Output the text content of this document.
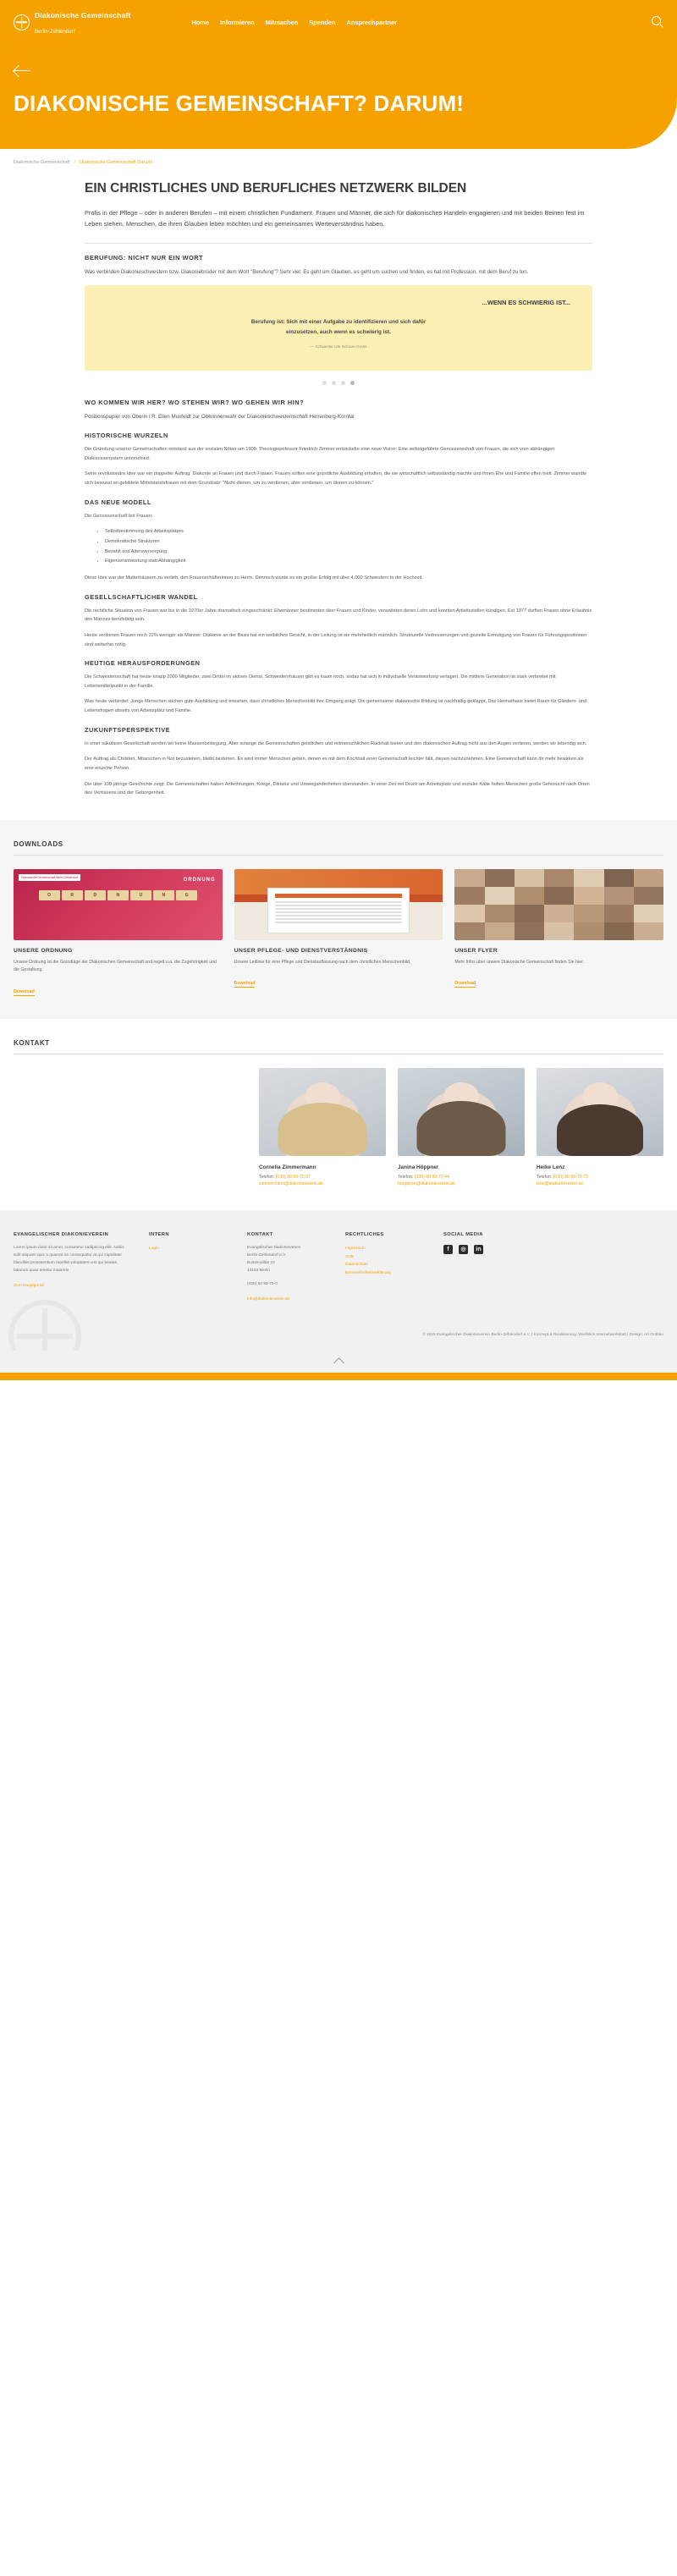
Diakonische Gemeinschaft
Berlin-Zehlendorf
Home Informieren Mitmachen Spenden Ansprechpartner
DIAKONISCHE GEMEINSCHAFT? DARUM!
Diakonische Gemeinschaft / Diakonische Gemeinschaft Darum!
EIN CHRISTLICHES UND BERUFLICHES NETZWERK BILDEN

Profis in der Pflege – oder in anderen Berufen – mit einem christlichen Fundament. Frauen und Männer, die sich für diakonisches Handeln engagieren und mit beiden Beinen fest im Leben stehen. Menschen, die ihren Glauben leben möchten und ein gemeinsames Werteverständnis haben.

BERUFUNG: NICHT NUR EIN WORT

Was verbinden Diakonieschwestern bzw. Diakoniebrüder mit dem Wort "Berufung"? Sehr viel: Es geht um Glauben, es geht um suchen und finden, es hat mit Profession, mit dem Beruf zu tun.

...WENN ES SCHWIERIG IST...
Berufung ist: Sich mit einer Aufgabe zu identifizieren und sich dafür einzusetzen, auch wenn es schwierig ist.
— Schwester Ute Schram-Grass
WO KOMMEN WIR HER? WO STEHEN WIR? WO GEHEN WIR HIN?

Positionspapier von Oberin i.R. Ellen Muxfeldt zur Oberinnenwahl der Diakonieschwesternschaft Herrenberg-Korntal

HISTORISCHE WURZELN

Die Gründung unserer Gemeinschaften entstand aus der sozialen Nöten um 1900. Theologiepofessor Friedrich Zimmer entwickelte eine neue Vision: Eine selbstgeführte Genossenschaft von Frauen, die sich vom abhängigen Diakonissenystem unterschied.

Seine revolutionäre Idee war ein doppelter Auftrag: Diakonie an Frauen und durch Frauen. Frauen sollten eine gründliche Ausbildung erhalten, die sie wirtschaftlich selbstständig machte und ihnen Ehe und Familie offen hielt. Zimmer wandte sich bewusst an gebildete Mittelstandsfrauen mit dem Grundsatz: "Nicht dienen, um zu verdienen, aber verdienen, um dienen zu können."

DAS NEUE MODELL

Die Genossenschaft bot Frauen:

• Selbstbestimmung des Arbeitsplatzes
• Demokratische Strukturen
• Bezahlt und Altersversorgung
• Eigenverantwortung statt Abhängigkeit

Diese Idee war der Mutterhäusern zu verlieh, den Frauenschäfterinnen zu Herrn. Dennoch wurde es ein großer Erfolg mit über 4.000 Schwestern in der Hochzeit.

GESELLSCHAFTLICHER WANDEL

Die rechtliche Situation von Frauen war bis in die 1970er Jahre dramatisch eingeschränkt: Ehemänner bestimmten über Frauen und Kinder, verwalteten deren Lohn und konnten Arbeitsstellen kündigen. Est 1977 durften Frauen ohne Erlaubnis des Mannes berufstätig sein.

Heute verdienen Frauen noch 22% weniger als Männer. Diakonie an der Basis hat ein weibliches Gesicht, in der Leitung ist sie mehrheitlich männlich. Strukturelle Verbesserungen und gezielte Ermutigung von Frauen für Führungspositionen sind weiterhin nötig.

HEUTIGE HERAUSFORDERUNGEN

Die Schwesternschaft hat heute knapp 2000 Mitglieder, zwei Drittel im aktiven Dienst. Schwesternhäuser gibt es kaum noch, sodas hat sich in individuelle Verantwortung verlagert. Die mittlere Generation ist stark verbreitet mit Lebensmittelpunkt in der Familie.

Was heute verbindet: Junge Menschen suchen gute Ausbildung und erwarten, dass christliches Menschenbild ihre Umgang prägt. Die gemeinsame diakonische Bildung ist nachhaltig geklappt. Das Heimathaus bietet Raum für Gliedern- und Lebensfragen abseits von Arbeitsplatz und Familie.

ZUKUNFTSPERSPEKTIVE

In einer säkularen Gesellschaft werden wir keine Massenbewegung. Aber solange die Gemeinschaften geistlichen und mitmenschlichen Rückhalt bieten und den diakonischen Auftrag nicht aus den Augen verlieren, werden wir lebendig sein.

Der Auftrag als Christen, Mitarschen in Not bezustehen, bleibt bestehen. Es wird immer Menschen geben, denen es mit dem Kochhalt einer Gemeinschaft leichter fällt, diesen nachzunehmen. Eine Gemeinschaft kann dir mehr bewirken als eine einzelne Person.

Die über 100-jährige Geschichte zeigt: Die Gemeinschaften haben Anfechtungen, Kriege, Diktatur und Umweganderheiten überstanden. In einer Zeit mit Druck am Arbeitsplatz und sozialer Kälte holten Menschen große Sehnsucht nach Orten des Vertrauens und der Geborgenheit.

DOWNLOADS
Diakonische Gemeinschaft Berlin-Zehlendorf	ORDNUNG
O	R	D	N	U	N	G
UNSERE ORDNUNG
Unsere Ordnung ist die Grundlage der Diakonischen Gemeinschaft und regelt u.a. die Zugehörigkeit und die Gestaltung.
Download
UNSER PFLEGE- UND DIENSTVERSTÄNDNIS
Unsere Leitlinie für eine Pflege und Dienstauffassung nach dem christlichen Menschenbild.
Download
UNSER FLYER
Mehr Infos über unsere Diakonische Gemeinschaft finden Sie hier.
Download
KONTAKT
Cornelia Zimmermann
Telefon: (030) 80 99-70 37
zimmermann@diakonieverein.de
Janina Höppner
Telefon: (030) 80 99-70 44
hoeppner@diakonieverein.de
Heike Lenz
Telefon: (030) 80 99-70 73
lenz@diakonieverein.de
EVANGELISCHER DIAKONIEVEREIN
Lorem ipsum dolor sit amet, consetetur sadipscing elitr. Nobis solit aliquam quis a quaerat ne consequatur at qui cupiditate blanditiis prosesentium repellat voluptatem est qui beatae, laborum quae tenetur maiores!
Zum Hauptportal
INTERN
Login
KONTAKT
Evangelischer Diakonieverein
Berlin-Zehlendorf e.V.
Busseoallde 24
14163 Berlin
(030) 80 99-70-0
info@diakonieverein.de
RECHTLICHES
Impressum
AGB
Datenschutz
Barrierefreiheitserklärung
SOCIAL MEDIA
f	◎	in
© 2025 Evangelischer Diakonieverein Berlin-Zehlendorf e.V. | Konzept & Realisierung: Wortblick Internetwerkstatt | Design: Ari Gröbke
